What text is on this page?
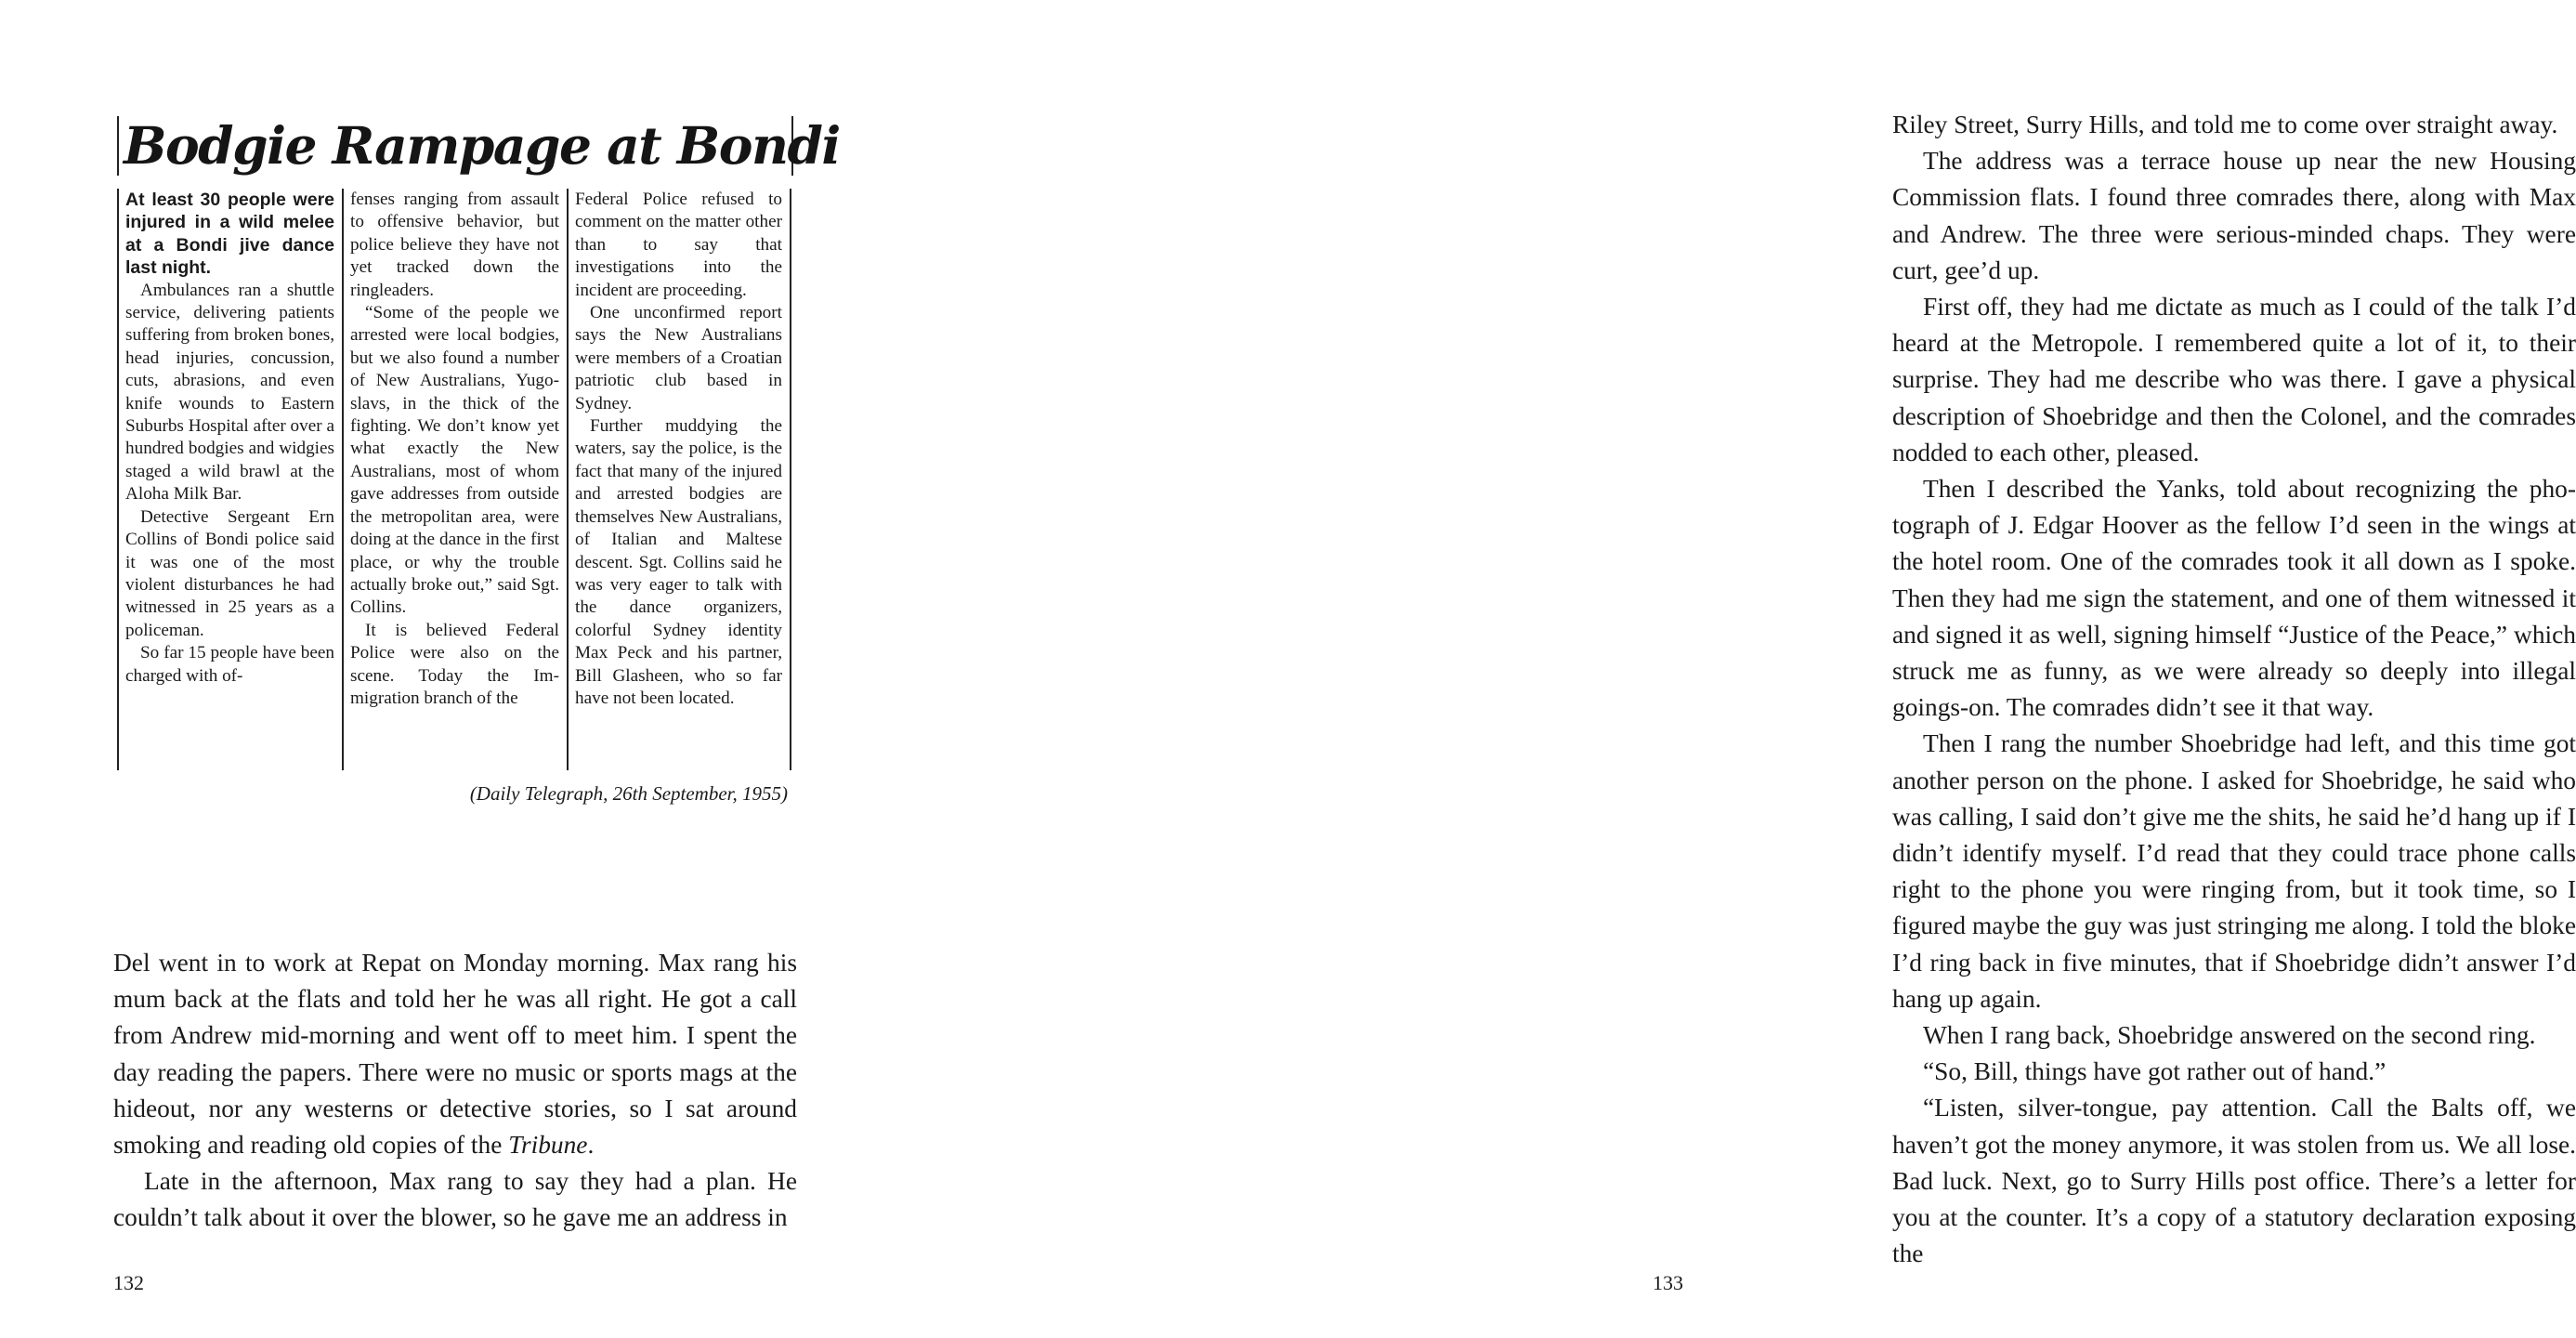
Bodgie Rampage at Bondi

At least 30 people were injured in a wild melee at a Bondi jive dance last night.

Ambulances ran a shuttle service, delivering patients suffering from broken bones, head injuries, concussion, cuts, abrasions, and even knife wounds to Eastern Suburbs Hospital after over a hundred bodgies and widgies staged a wild brawl at the Aloha Milk Bar.

Detective Sergeant Ern Collins of Bondi police said it was one of the most violent disturbances he had witnessed in 25 years as a policeman.

So far 15 people have been charged with of-

fenses ranging from assault to offensive behavior, but police believe they have not yet tracked down the ringleaders.

“Some of the people we arrested were local bodgies, but we also found a number of New Australians, Yugoslavs, in the thick of the fighting. We don’t know yet what exactly the New Australians, most of whom gave addresses from outside the metropolitan area, were doing at the dance in the first place, or why the trouble actually broke out,” said Sgt. Collins.

It is believed Federal Police were also on the scene. Today the Immigration branch of the

Federal Police refused to comment on the matter other than to say that investigations into the incident are proceeding.

One unconfirmed report says the New Australians were members of a Croatian patriotic club based in Sydney.

Further muddying the waters, say the police, is the fact that many of the injured and arrested bodgies are themselves New Australians, of Italian and Maltese descent. Sgt. Collins said he was very eager to talk with the dance organizers, colorful Sydney identity Max Peck and his partner, Bill Glasheen, who so far have not been located.

(Daily Telegraph, 26th September, 1955)

Del went in to work at Repat on Monday morning. Max rang his mum back at the flats and told her he was all right. He got a call from Andrew mid-morning and went off to meet him. I spent the day reading the papers. There were no music or sports mags at the hideout, nor any westerns or detective stories, so I sat around smoking and reading old copies of the Tribune.

Late in the afternoon, Max rang to say they had a plan. He couldn’t talk about it over the blower, so he gave me an address in

132

Riley Street, Surry Hills, and told me to come over straight away.

The address was a terrace house up near the new Housing Commission flats. I found three comrades there, along with Max and Andrew. The three were serious-minded chaps. They were curt, gee’d up.

First off, they had me dictate as much as I could of the talk I’d heard at the Metropole. I remembered quite a lot of it, to their surprise. They had me describe who was there. I gave a physical description of Shoebridge and then the Colonel, and the comrades nodded to each other, pleased.

Then I described the Yanks, told about recognizing the photograph of J. Edgar Hoover as the fellow I’d seen in the wings at the hotel room. One of the comrades took it all down as I spoke. Then they had me sign the statement, and one of them witnessed it and signed it as well, signing himself “Justice of the Peace,” which struck me as funny, as we were already so deeply into illegal goings-on. The comrades didn’t see it that way.

Then I rang the number Shoebridge had left, and this time got another person on the phone. I asked for Shoebridge, he said who was calling, I said don’t give me the shits, he said he’d hang up if I didn’t identify myself. I’d read that they could trace phone calls right to the phone you were ringing from, but it took time, so I figured maybe the guy was just stringing me along. I told the bloke I’d ring back in five minutes, that if Shoebridge didn’t answer I’d hang up again.

When I rang back, Shoebridge answered on the second ring.

“So, Bill, things have got rather out of hand.”

“Listen, silver-tongue, pay attention. Call the Balts off, we haven’t got the money anymore, it was stolen from us. We all lose. Bad luck. Next, go to Surry Hills post office. There’s a letter for you at the counter. It’s a copy of a statutory declaration exposing the

133
